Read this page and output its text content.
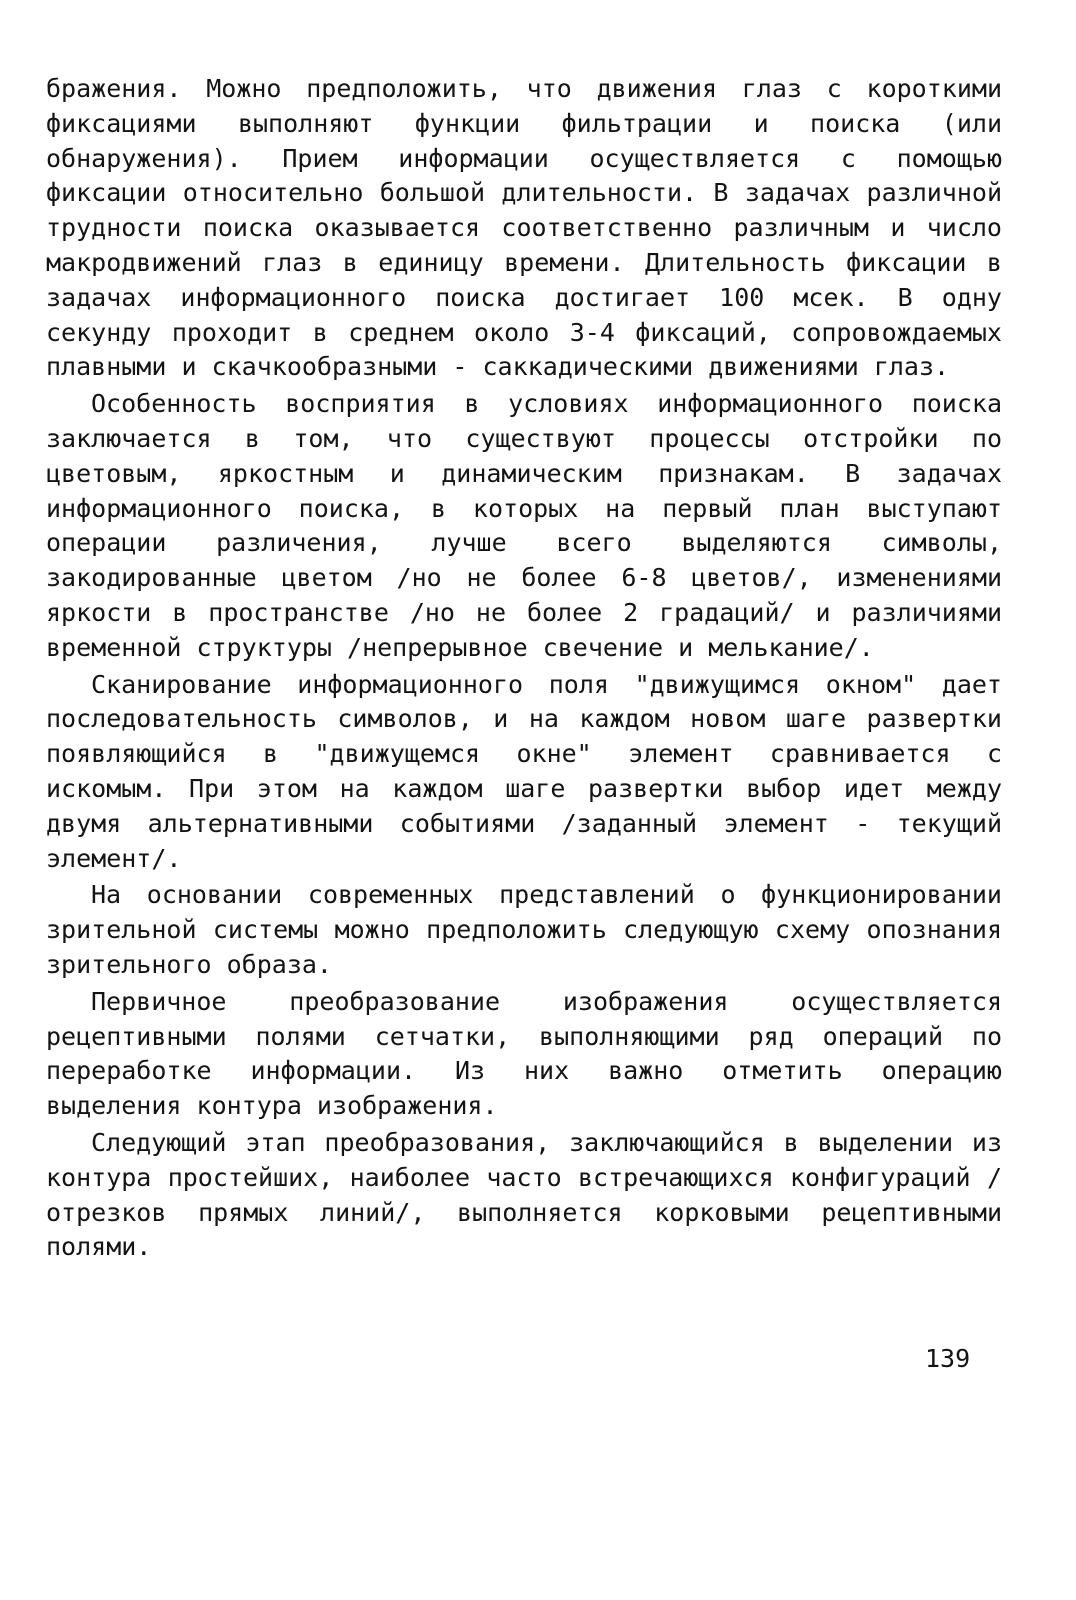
бражения. Можно предположить, что движения глаз с короткими фиксациями выполняют функции фильтрации и поиска (или обнаружения). Прием информации осуществляется с помощью фиксации относительно большой длительности. В задачах различной трудности поиска оказывается соответственно различным и число макродвижений глаз в единицу времени. Длительность фиксации в задачах информационного поиска достигает 100 мсек. В одну секунду проходит в среднем около 3-4 фиксаций, сопровождаемых плавными и скачкообразными - саккадическими движениями глаз.

Особенность восприятия в условиях информационного поиска заключается в том, что существуют процессы отстройки по цветовым, яркостным и динамическим признакам. В задачах информационного поиска, в которых на первый план выступают операции различения, лучше всего выделяются символы, закодированные цветом /но не более 6-8 цветов/, изменениями яркости в пространстве /но не более 2 градаций/ и различиями временной структуры /непрерывное свечение и мелькание/.

Сканирование информационного поля "движущимся окном" дает последовательность символов, и на каждом новом шаге развертки появляющийся в "движущемся окне" элемент сравнивается с искомым. При этом на каждом шаге развертки выбор идет между двумя альтернативными событиями /заданный элемент - текущий элемент/.

На основании современных представлений о функционировании зрительной системы можно предположить следующую схему опознания зрительного образа.

Первичное преобразование изображения осуществляется рецептивными полями сетчатки, выполняющими ряд операций по переработке информации. Из них важно отметить операцию выделения контура изображения.

Следующий этап преобразования, заключающийся в выделении из контура простейших, наиболее часто встречающихся конфигураций /отрезков прямых линий/, выполняется корковыми рецептивными полями.

139
